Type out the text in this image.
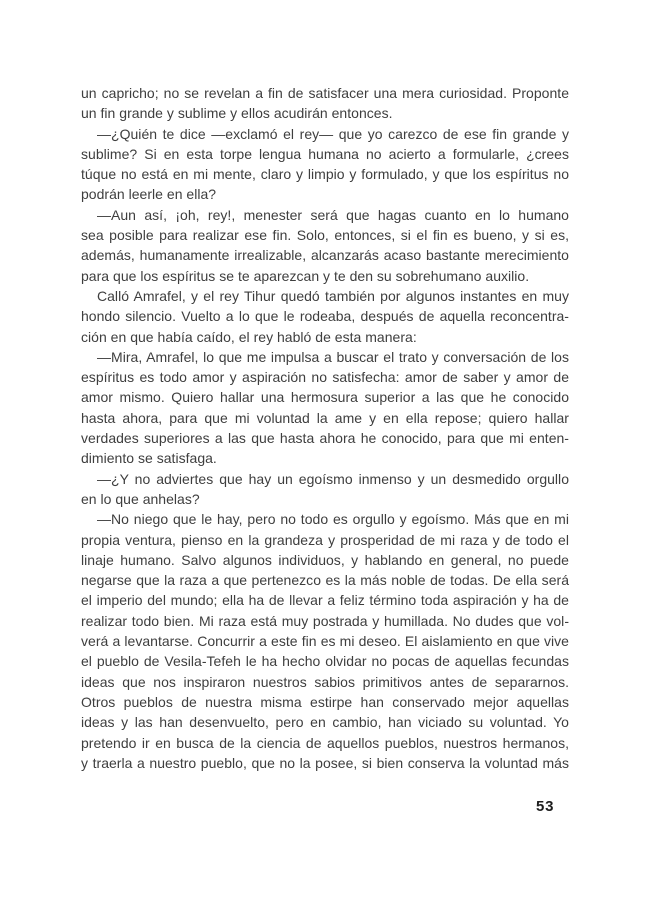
un capricho; no se revelan a fin de satisfacer una mera curiosidad. Proponte
un fin grande y sublime y ellos acudirán entonces.
—¿Quién te dice —exclamó el rey— que yo carezco de ese fin grande y
sublime? Si en esta torpe lengua humana no acierto a formularle, ¿crees
túque no está en mi mente, claro y limpio y formulado, y que los espíritus no
podrán leerle en ella?
—Aun así, ¡oh, rey!, menester será que hagas cuanto en lo humano
sea posible para realizar ese fin. Solo, entonces, si el fin es bueno, y si es,
además, humanamente irrealizable, alcanzarás acaso bastante merecimiento
para que los espíritus se te aparezcan y te den su sobrehumano auxilio.
Calló Amrafel, y el rey Tihur quedó también por algunos instantes en muy
hondo silencio. Vuelto a lo que le rodeaba, después de aquella reconcentra-
ción en que había caído, el rey habló de esta manera:
—Mira, Amrafel, lo que me impulsa a buscar el trato y conversación de los
espíritus es todo amor y aspiración no satisfecha: amor de saber y amor de
amor mismo. Quiero hallar una hermosura superior a las que he conocido
hasta ahora, para que mi voluntad la ame y en ella repose; quiero hallar
verdades superiores a las que hasta ahora he conocido, para que mi enten-
dimiento se satisfaga.
—¿Y no adviertes que hay un egoísmo inmenso y un desmedido orgullo
en lo que anhelas?
—No niego que le hay, pero no todo es orgullo y egoísmo. Más que en mi
propia ventura, pienso en la grandeza y prosperidad de mi raza y de todo el
linaje humano. Salvo algunos individuos, y hablando en general, no puede
negarse que la raza a que pertenezco es la más noble de todas. De ella será
el imperio del mundo; ella ha de llevar a feliz término toda aspiración y ha de
realizar todo bien. Mi raza está muy postrada y humillada. No dudes que vol-
verá a levantarse. Concurrir a este fin es mi deseo. El aislamiento en que vive
el pueblo de Vesila-Tefeh le ha hecho olvidar no pocas de aquellas fecundas
ideas que nos inspiraron nuestros sabios primitivos antes de separarnos.
Otros pueblos de nuestra misma estirpe han conservado mejor aquellas
ideas y las han desenvuelto, pero en cambio, han viciado su voluntad. Yo
pretendo ir en busca de la ciencia de aquellos pueblos, nuestros hermanos,
y traerla a nuestro pueblo, que no la posee, si bien conserva la voluntad más
53
